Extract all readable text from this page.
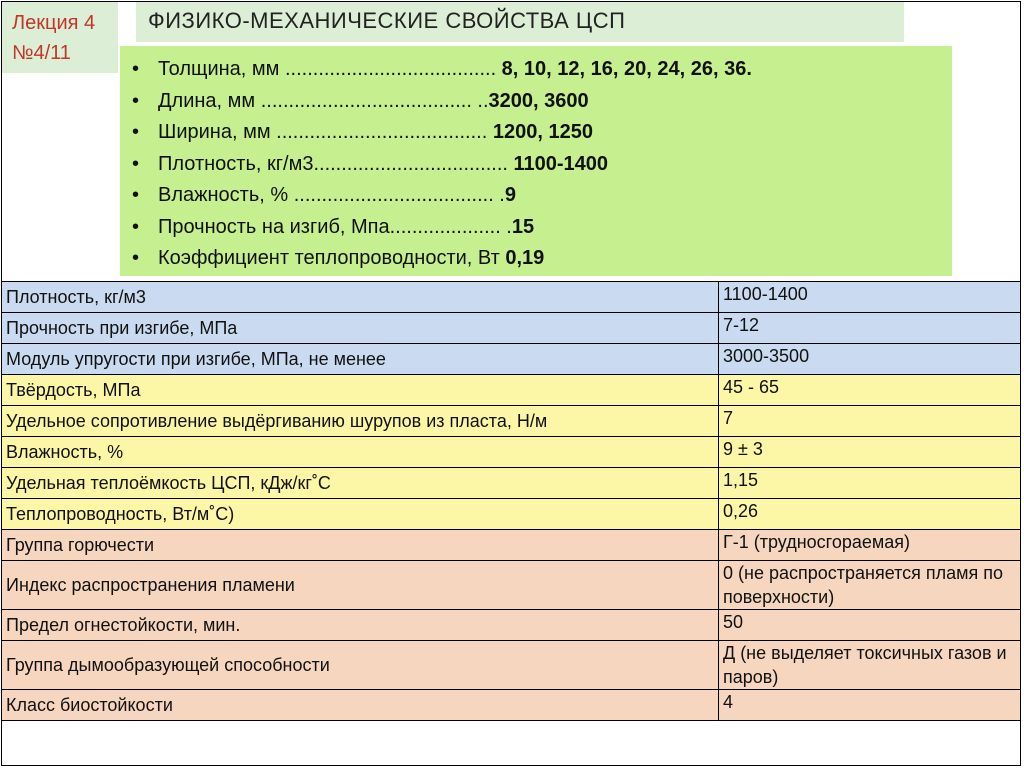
Лекция 4
№4/11
ФИЗИКО-МЕХАНИЧЕСКИЕ СВОЙСТВА ЦСП
• Толщина, мм ...................................... 8, 10, 12, 16, 20, 24, 26, 36.
• Длина, мм ...................................... ..3200, 3600
• Ширина, мм ...................................... 1200, 1250
• Плотность, кг/м3................................... 1100-1400
• Влажность, % .................................... .9
• Прочность на изгиб, Мпа.................... .15
• Коэффициент теплопроводности, Вт 0,19
Плотность, кг/м3	1100-1400
Прочность при изгибе, МПа	7-12
Модуль упругости при изгибе, МПа, не менее	3000-3500
Твёрдость, МПа	45 - 65
Удельное сопротивление выдёргиванию шурупов из пласта, Н/м	7
Влажность, %	9 ± 3
Удельная теплоёмкость ЦСП, кДж/кг˚С	1,15
Теплопроводность, Вт/м˚С)	0,26
Группа горючести	Г-1 (трудносгораемая)
Индекс распространения пламени	0 (не распространяется пламя по поверхности)
Предел огнестойкости, мин.	50
Группа дымообразующей способности	Д (не выделяет токсичных газов и паров)
Класс биостойкости	4
